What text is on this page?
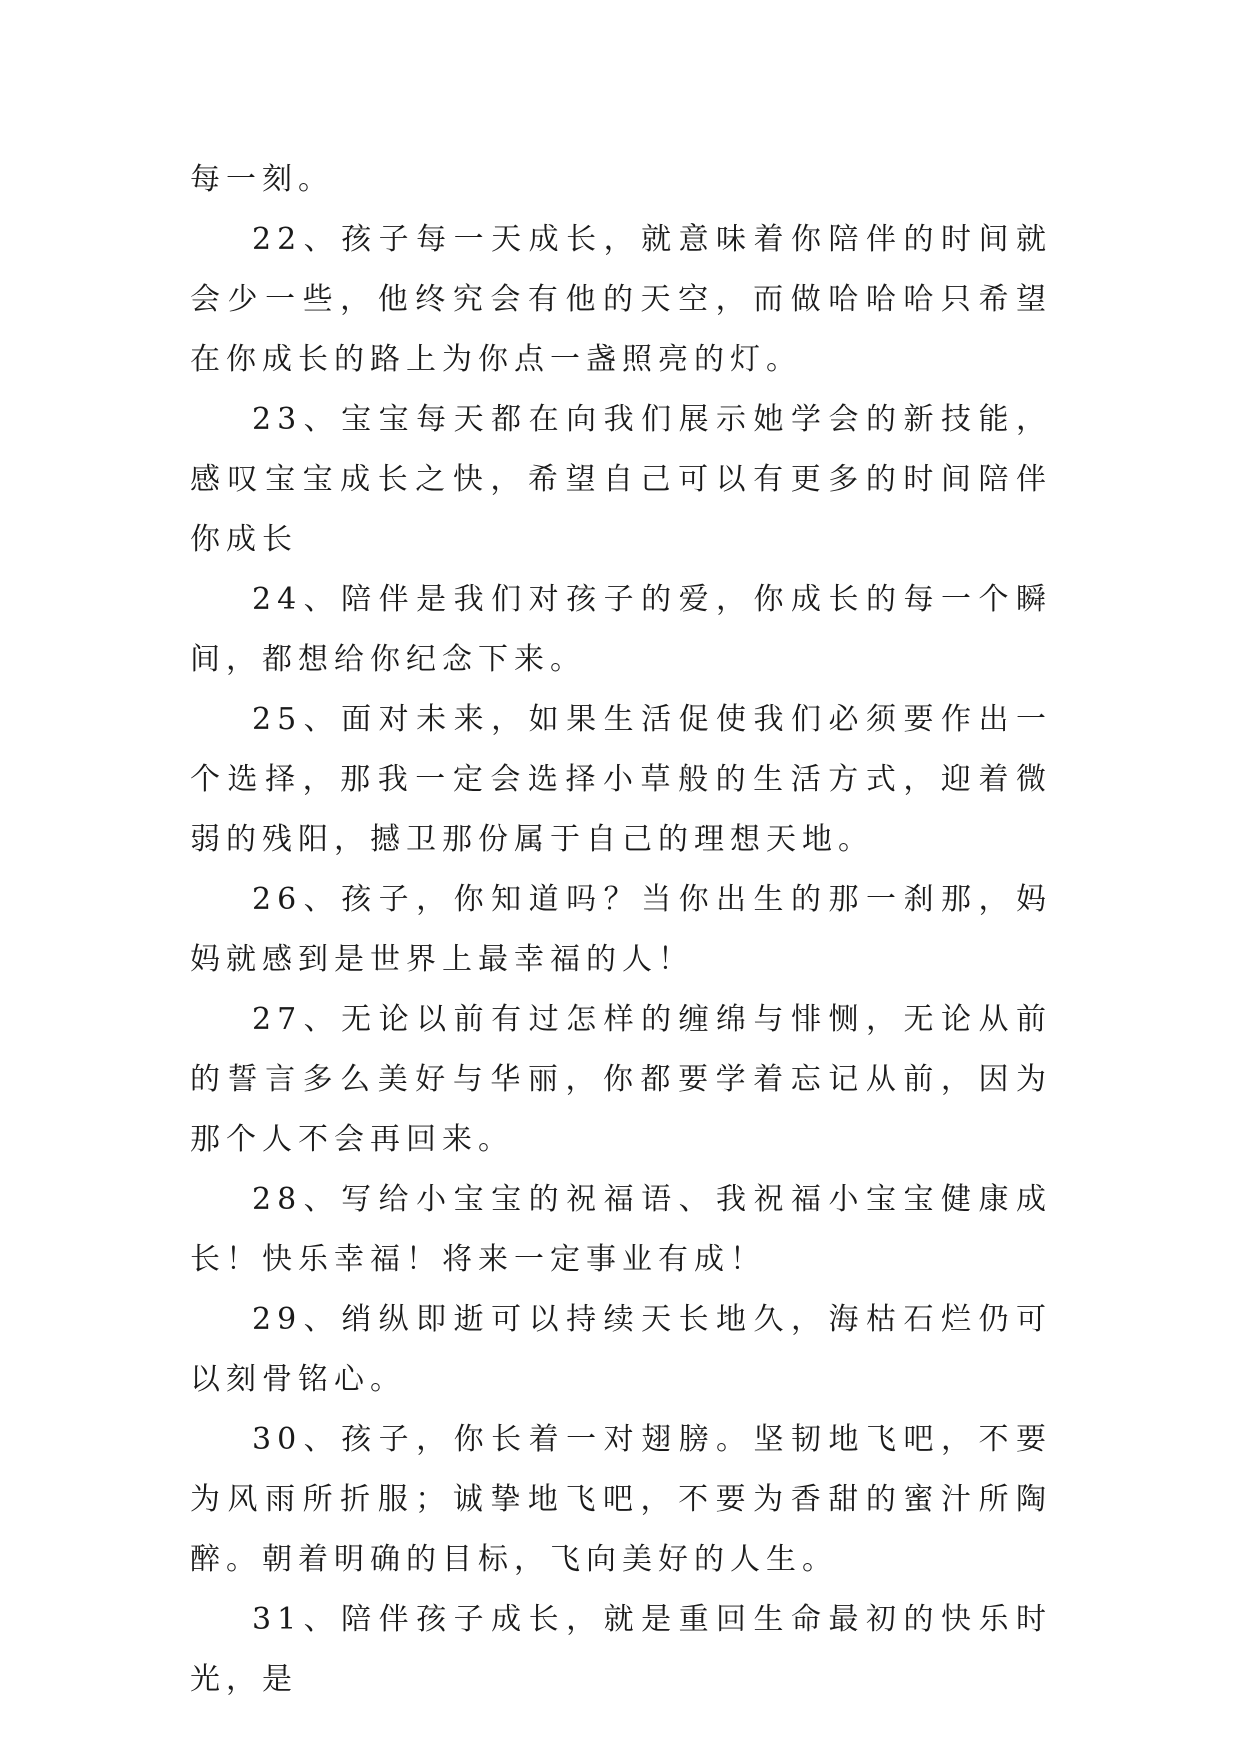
每一刻。

22、孩子每一天成长，就意味着你陪伴的时间就会少一些，他终究会有他的天空，而做哈哈哈只希望在你成长的路上为你点一盏照亮的灯。

23、宝宝每天都在向我们展示她学会的新技能，感叹宝宝成长之快，希望自己可以有更多的时间陪伴你成长

24、陪伴是我们对孩子的爱，你成长的每一个瞬间，都想给你纪念下来。

25、面对未来，如果生活促使我们必须要作出一个选择，那我一定会选择小草般的生活方式，迎着微弱的残阳，撼卫那份属于自己的理想天地。

26、孩子，你知道吗？当你出生的那一刹那，妈妈就感到是世界上最幸福的人！

27、无论以前有过怎样的缠绵与悱恻，无论从前的誓言多么美好与华丽，你都要学着忘记从前，因为那个人不会再回来。

28、写给小宝宝的祝福语、我祝福小宝宝健康成长！快乐幸福！将来一定事业有成！

29、绡纵即逝可以持续天长地久，海枯石烂仍可以刻骨铭心。

30、孩子，你长着一对翅膀。坚韧地飞吧，不要为风雨所折服；诚挚地飞吧，不要为香甜的蜜汁所陶醉。朝着明确的目标，飞向美好的人生。

31、陪伴孩子成长，就是重回生命最初的快乐时光，是
